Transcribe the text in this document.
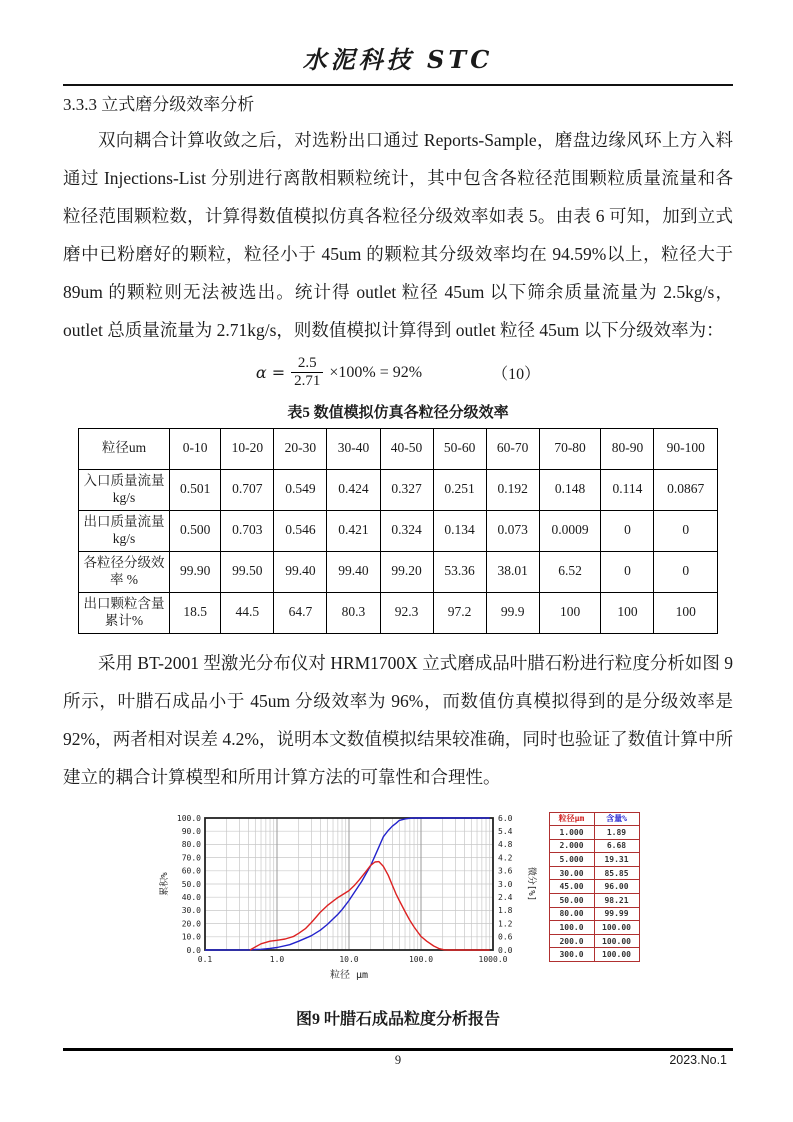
水泥科技 STC
3.3.3 立式磨分级效率分析

双向耦合计算收敛之后，对选粉出口通过 Reports-Sample，磨盘边缘风环上方入料通过 Injections-List 分别进行离散相颗粒统计，其中包含各粒径范围颗粒质量流量和各粒径范围颗粒数，计算得数值模拟仿真各粒径分级效率如表 5。由表 6 可知，加到立式磨中已粉磨好的颗粒，粒径小于 45um 的颗粒其分级效率均在 94.59%以上，粒径大于 89um 的颗粒则无法被选出。统计得 outlet 粒径 45um 以下筛余质量流量为 2.5kg/s，outlet 总质量流量为 2.71kg/s，则数值模拟计算得到 outlet 粒径 45um 以下分级效率为：

$\alpha = \frac{2.5}{2.71} \times 100\% = 92\%$	（10）
表5 数值模拟仿真各粒径分级效率
粒径um	0-10	10-20	20-30	30-40	40-50	50-60	60-70	70-80	80-90	90-100

入口质量流量
kg/s	0.501	0.707	0.549	0.424	0.327	0.251	0.192	0.148	0.114	0.0867

出口质量流量
kg/s	0.500	0.703	0.546	0.421	0.324	0.134	0.073	0.0009	0	0

各粒径分级效
率 %	99.90	99.50	99.40	99.40	99.20	53.36	38.01	6.52	0	0

出口颗粒含量
累计%	18.5	44.5	64.7	80.3	92.3	97.2	99.9	100	100	100

采用 BT-2001 型激光分布仪对 HRM1700X 立式磨成品叶腊石粉进行粒度分析如图 9 所示，叶腊石成品小于 45um 分级效率为 96%，而数值仿真模拟得到的是分级效率是 92%，两者相对误差 4.2%，说明本文数值模拟结果较准确，同时也验证了数值计算中所建立的耦合计算模型和所用计算方法的可靠性和合理性。

0.0
10.0
20.0
30.0
40.0
50.0
60.0
70.0
80.0
90.0
100.0
0.0
0.6
1.2
1.8
2.4
3.0
3.6
4.2
4.8
5.4
6.0
0.1	1.0	10.0	100.0	1000.0
粒径 μm
累积%	微分[%]
粒径μm	含量%
1.000	1.89
2.000	6.68
5.000	19.31
30.00	85.85
45.00	96.00
50.00	98.21
80.00	99.99
100.0	100.00
200.0	100.00
300.0	100.00
图9 叶腊石成品粒度分析报告
9	2023.No.1
